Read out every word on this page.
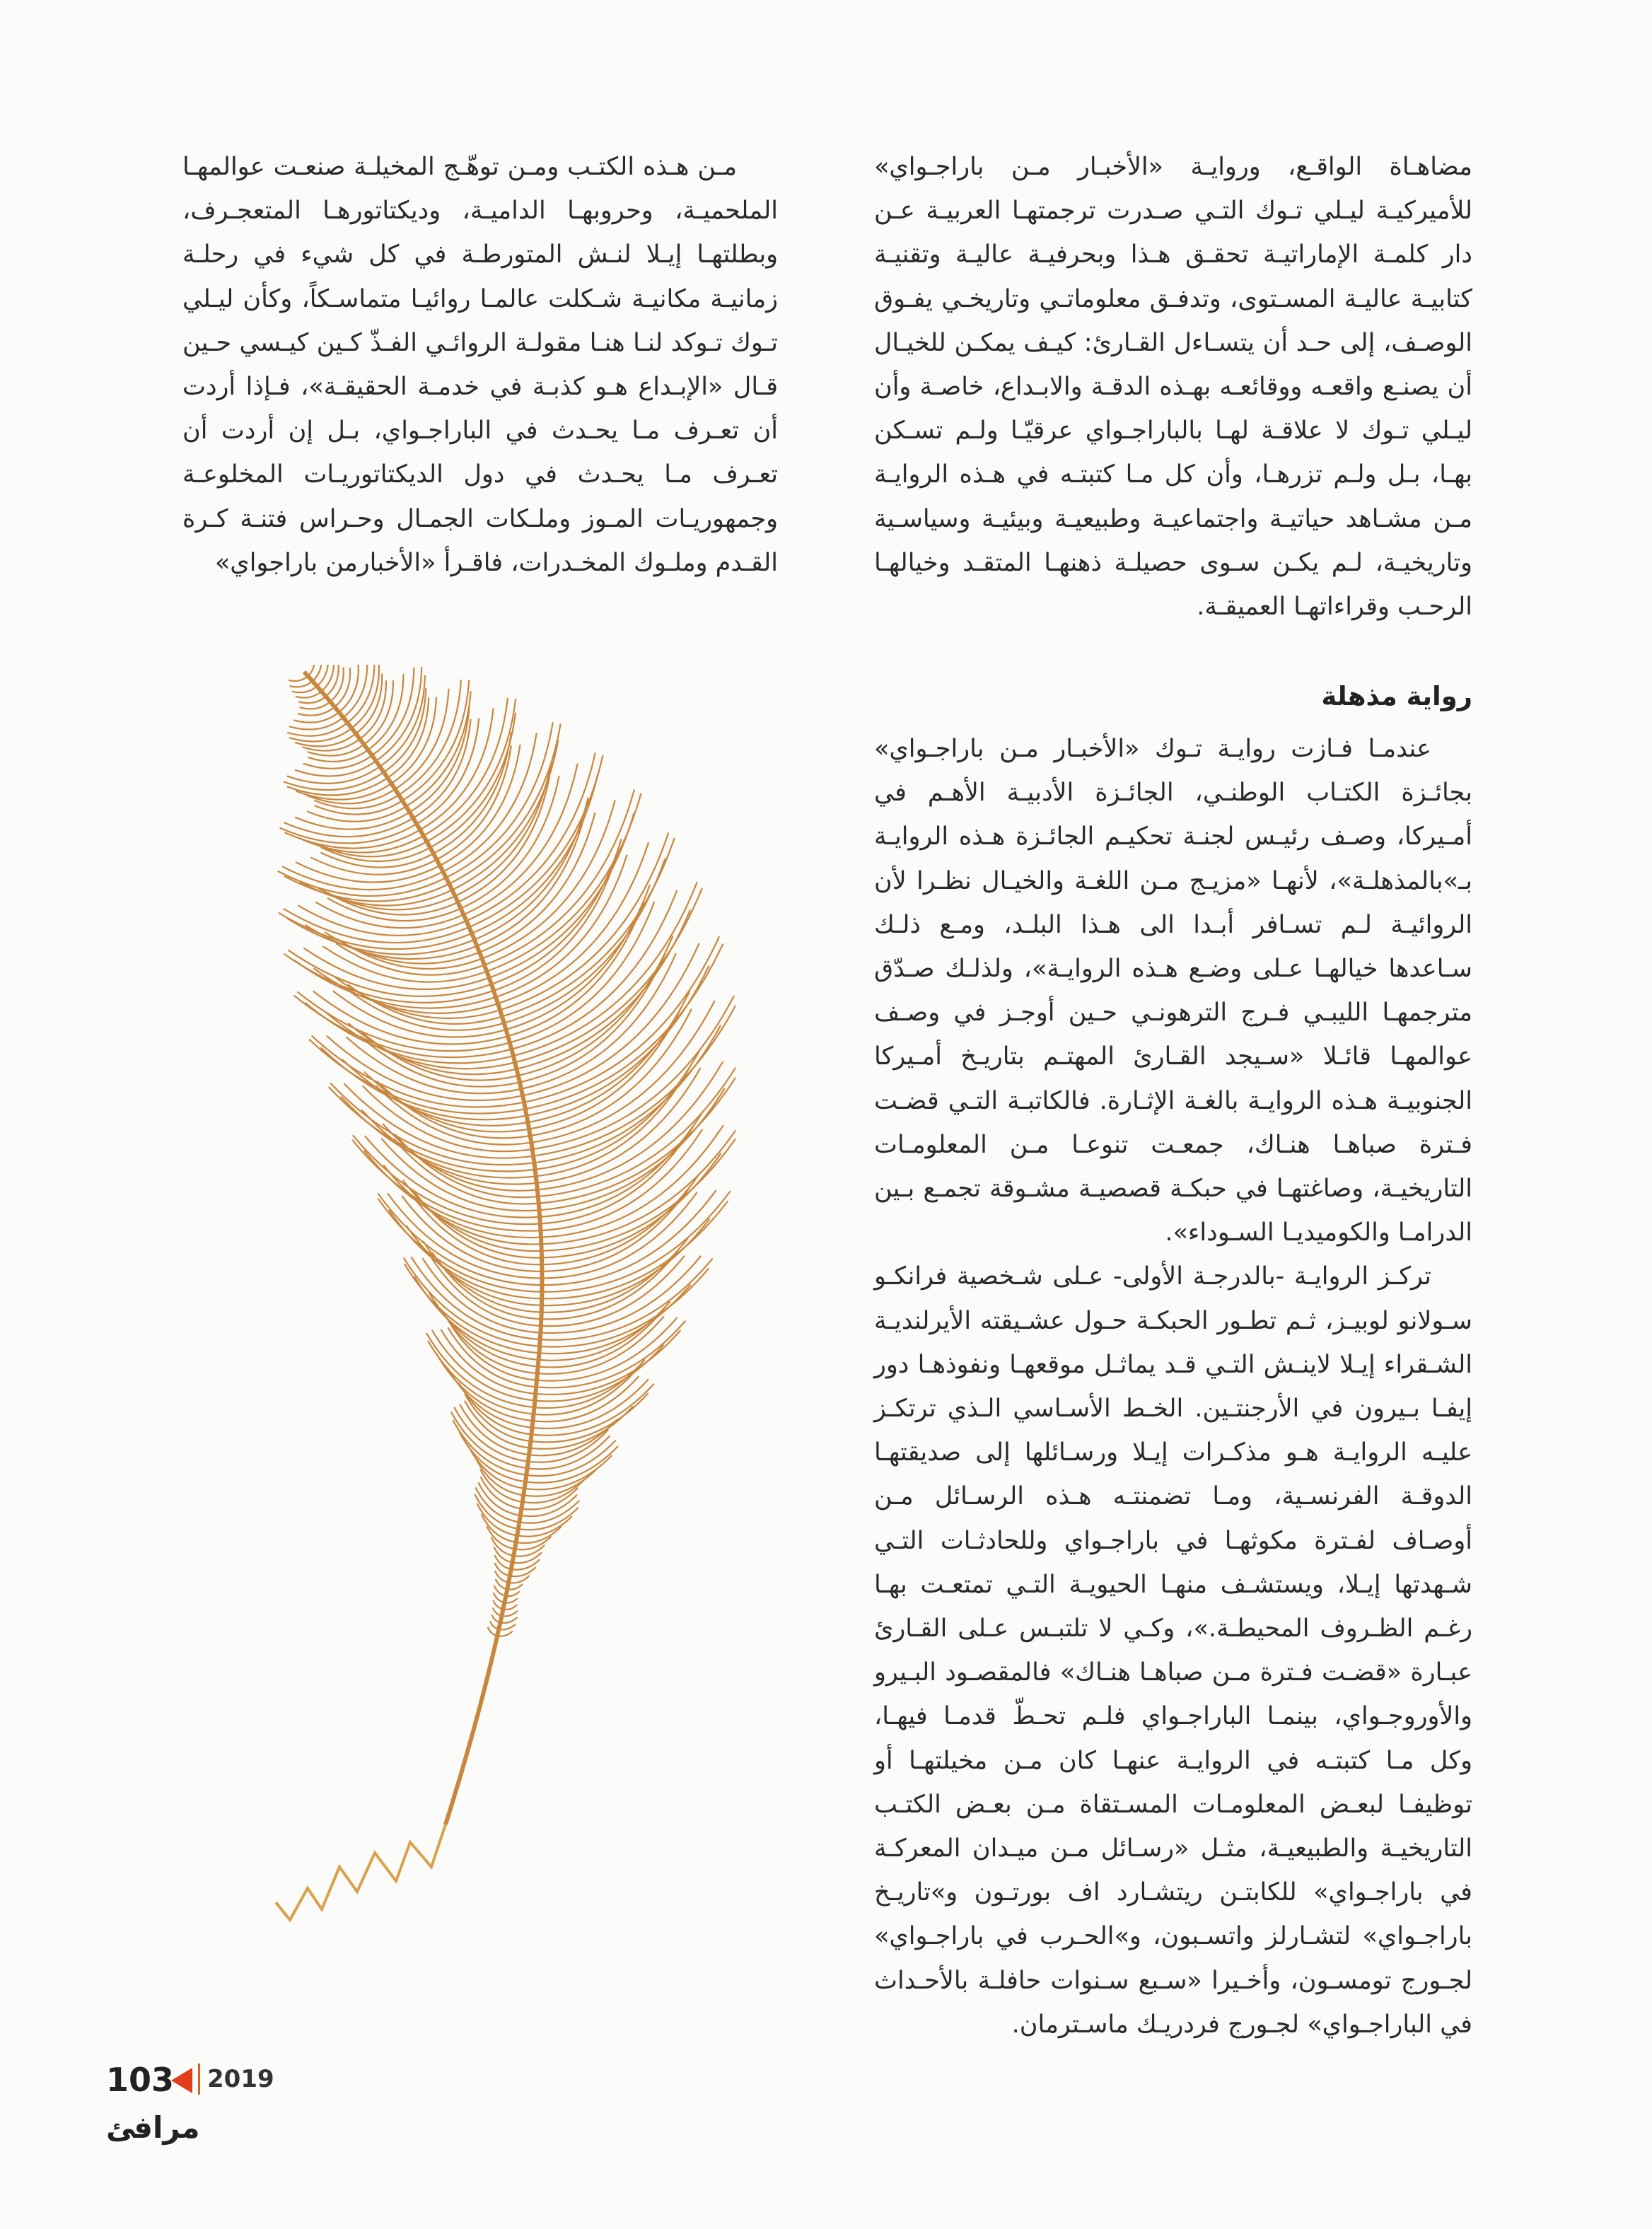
مضاهـاة الواقـع، وروايـة «الأخبـار مـن باراجـواي» للأميركيـة ليـلي تـوك التـي صـدرت ترجمتهـا العربيـة عـن دار كلمـة الإماراتيـة تحقـق هـذا وبحرفيـة عاليـة وتقنيـة كتابيـة عاليـة المسـتوى، وتدفـق معلوماتـي وتاريخـي يفـوق الوصـف، إلى حـد أن يتسـاءل القـارئ: كيـف يمكـن للخيـال أن يصنـع واقعـه ووقائعـه بهـذه الدقـة والابـداع، خاصـة وأن ليـلي تـوك لا علاقـة لهـا بالباراجـواي عرقيّـا ولـم تسـكن بهـا، بـل ولـم تزرهـا، وأن كل مـا كتبتـه في هـذه الروايـة مـن مشـاهد حياتيـة واجتماعيـة وطبيعيـة وبيئيـة وسياسـية وتاريخيـة، لـم يكـن سـوى حصيلـة ذهنهـا المتقـد وخيالهـا الرحـب وقراءاتهـا العميقـة.

مـن هـذه الكتـب ومـن توهّـج المخيلـة صنعـت عوالمهـا الملحميـة، وحروبهـا الداميـة، وديكتاتورهـا المتعجـرف، وبطلتهـا إيـلا لنـش المتورطـة في كل شيء في رحلـة زمانيـة مكانيـة شـكلت عالمـا روائيـا متماسـكاً، وكأن ليـلي تـوك تـوكد لنـا هنـا مقولـة الروائـي الفـذّ كـين كيـسي حـين قـال «الإبـداع هـو كذبـة في خدمـة الحقيقـة»، فـإذا أردت أن تعـرف مـا يحـدث في الباراجـواي، بـل إن أردت أن تعـرف مـا يحـدث في دول الديكتاتوريـات المخلوعـة وجمهوريـات المـوز وملـكات الجمـال وحـراس فتنـة كـرة القـدم وملـوك المخـدرات، فاقـرأ «الأخبارمن باراجواي»

رواية مذهلة

عندمـا فـازت روايـة تـوك «الأخبـار مـن باراجـواي» بجائـزة الكتـاب الوطنـي، الجائـزة الأدبيـة الأهـم في أمـيركا، وصـف رئيـس لجنـة تحكيـم الجائـزة هـذه الروايـة بـ»بالمذهلـة»، لأنهـا «مزيـج مـن اللغـة والخيـال نظـرا لأن الروائيـة لـم تسـافر أبـدا الى هـذا البلـد، ومـع ذلـك سـاعدها خيالهـا عـلى وضـع هـذه الروايـة»، ولذلـك صـدّق مترجمهـا الليبـي فـرج الترهونـي حـين أوجـز في وصـف عوالمهـا قائـلا «سـيجد القـارئ المهتـم بتاريـخ أمـيركا الجنوبيـة هـذه الروايـة بالغـة الإثـارة. فالكاتبـة التـي قضـت فـترة صباهـا هنـاك، جمعـت تنوعـا مـن المعلومـات التاريخيـة، وصاغتهـا في حبكـة قصصيـة مشـوقة تجمـع بـين الدرامـا والكوميديـا السـوداء».

تركـز الروايـة -بالدرجـة الأولى- عـلى شـخصية فرانكـو سـولانو لوبيـز، ثـم تطـور الحبكـة حـول عشـيقته الأيرلنديـة الشـقراء إيـلا لاينـش التـي قـد يماثـل موقعهـا ونفوذهـا دور إيفـا بـيرون في الأرجنتـين. الخـط الأسـاسي الـذي ترتكـز عليـه الروايـة هـو مذكـرات إيـلا ورسـائلها إلى صديقتهـا الدوقـة الفرنسـية، ومـا تضمنتـه هـذه الرسـائل مـن أوصـاف لفـترة مكوثهـا في باراجـواي وللحادثـات التـي شـهدتها إيـلا، ويستشـف منهـا الحيويـة التـي تمتعـت بهـا رغـم الظـروف المحيطـة.»، وكـي لا تلتبـس عـلى القـارئ عبـارة «قضـت فـترة مـن صباهـا هنـاك» فالمقصـود البـيرو والأوروجـواي، بينمـا الباراجـواي فلـم تحـطّ قدمـا فيهـا، وكل مـا كتبتـه في الروايـة عنهـا كان مـن مخيلتهـا أو توظيفـا لبعـض المعلومـات المسـتقاة مـن بعـض الكتـب التاريخيـة والطبيعيـة، مثـل «رسـائل مـن ميـدان المعركـة في باراجـواي» للكابتـن ريتشـارد اف بورتـون و»تاريـخ باراجـواي» لتشـارلز واتسـبون، و»الحـرب في باراجـواي» لجـورج تومسـون، وأخـيرا «سـبع سـنوات حافلـة بالأحـداث في الباراجـواي» لجـورج فردريـك ماسـترمان.

103 2019
مرافئ
